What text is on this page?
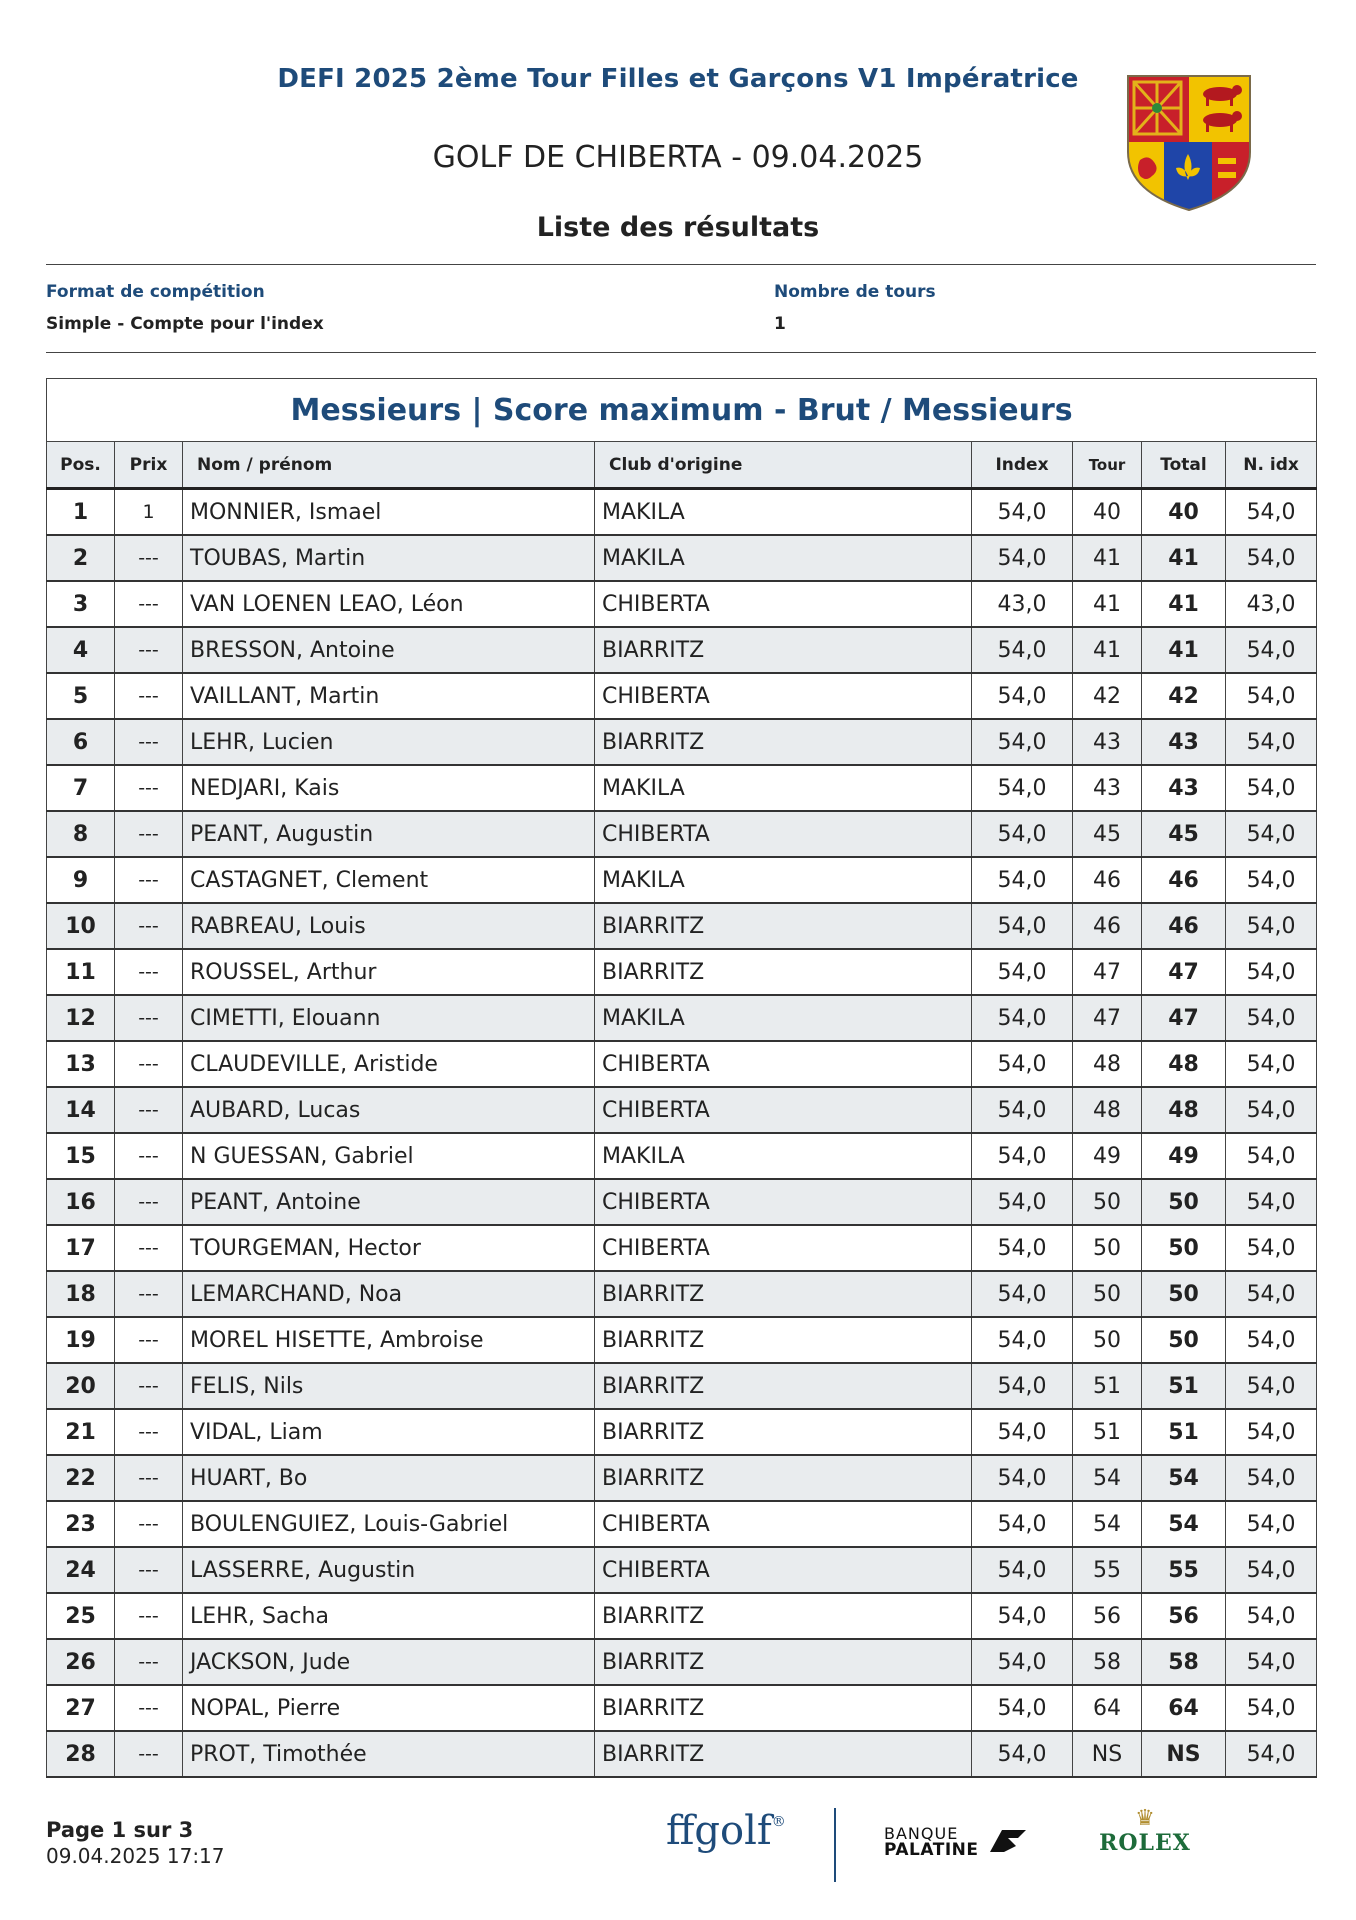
DEFI 2025 2ème Tour Filles et Garçons V1 Impératrice
GOLF DE CHIBERTA - 09.04.2025
Liste des résultats
Format de compétition
Simple - Compte pour l'index
Nombre de tours
1
Messieurs | Score maximum - Brut / Messieurs							
Pos.	Prix	Nom / prénom	Club d'origine	Index	Tour	Total	N. idx
1	1	MONNIER, Ismael	MAKILA	54,0	40	40	54,0
2	---	TOUBAS, Martin	MAKILA	54,0	41	41	54,0
3	---	VAN LOENEN LEAO, Léon	CHIBERTA	43,0	41	41	43,0
4	---	BRESSON, Antoine	BIARRITZ	54,0	41	41	54,0
5	---	VAILLANT, Martin	CHIBERTA	54,0	42	42	54,0
6	---	LEHR, Lucien	BIARRITZ	54,0	43	43	54,0
7	---	NEDJARI, Kais	MAKILA	54,0	43	43	54,0
8	---	PEANT, Augustin	CHIBERTA	54,0	45	45	54,0
9	---	CASTAGNET, Clement	MAKILA	54,0	46	46	54,0
10	---	RABREAU, Louis	BIARRITZ	54,0	46	46	54,0
11	---	ROUSSEL, Arthur	BIARRITZ	54,0	47	47	54,0
12	---	CIMETTI, Elouann	MAKILA	54,0	47	47	54,0
13	---	CLAUDEVILLE, Aristide	CHIBERTA	54,0	48	48	54,0
14	---	AUBARD, Lucas	CHIBERTA	54,0	48	48	54,0
15	---	N GUESSAN, Gabriel	MAKILA	54,0	49	49	54,0
16	---	PEANT, Antoine	CHIBERTA	54,0	50	50	54,0
17	---	TOURGEMAN, Hector	CHIBERTA	54,0	50	50	54,0
18	---	LEMARCHAND, Noa	BIARRITZ	54,0	50	50	54,0
19	---	MOREL HISETTE, Ambroise	BIARRITZ	54,0	50	50	54,0
20	---	FELIS, Nils	BIARRITZ	54,0	51	51	54,0
21	---	VIDAL, Liam	BIARRITZ	54,0	51	51	54,0
22	---	HUART, Bo	BIARRITZ	54,0	54	54	54,0
23	---	BOULENGUIEZ, Louis-Gabriel	CHIBERTA	54,0	54	54	54,0
24	---	LASSERRE, Augustin	CHIBERTA	54,0	55	55	54,0
25	---	LEHR, Sacha	BIARRITZ	54,0	56	56	54,0
26	---	JACKSON, Jude	BIARRITZ	54,0	58	58	54,0
27	---	NOPAL, Pierre	BIARRITZ	54,0	64	64	54,0
28	---	PROT, Timothée	BIARRITZ	54,0	NS	NS	54,0
Page 1 sur 3
09.04.2025 17:17
ffgolf®
BANQUE
PALATINE
♛
ROLEX
